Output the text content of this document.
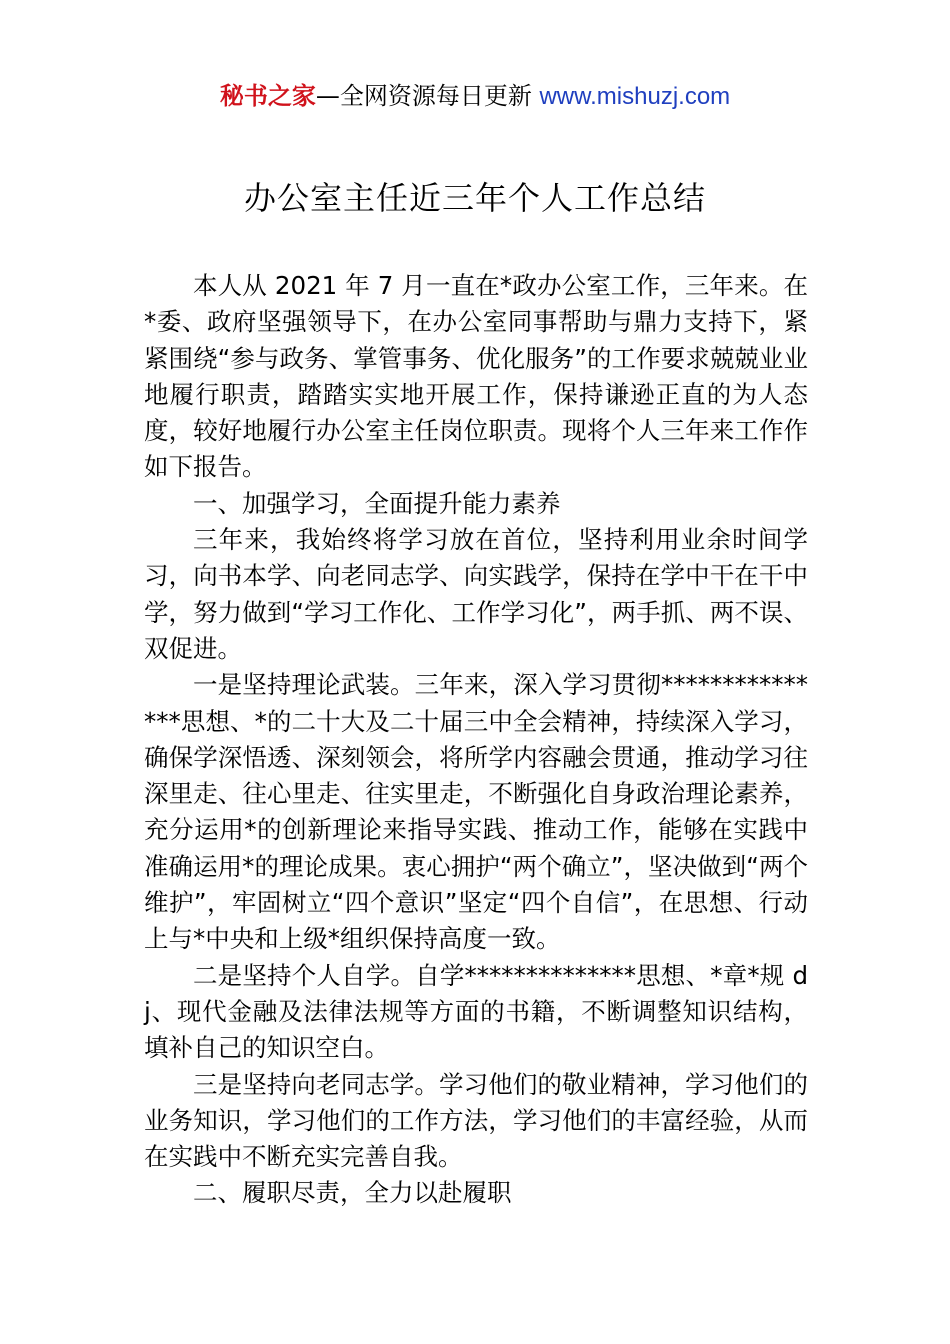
秘书之家—全网资源每日更新 www.mishuzj.com
办公室主任近三年个人工作总结

本人从 2021 年 7 月一直在*政办公室工作，三年来。在*委、政府坚强领导下，在办公室同事帮助与鼎力支持下，紧紧围绕“参与政务、掌管事务、优化服务”的工作要求兢兢业业地履行职责，踏踏实实地开展工作，保持谦逊正直的为人态度，较好地履行办公室主任岗位职责。现将个人三年来工作作如下报告。

一、加强学习，全面提升能力素养

三年来，我始终将学习放在首位，坚持利用业余时间学习，向书本学、向老同志学、向实践学，保持在学中干在干中学，努力做到“学习工作化、工作学习化”，两手抓、两不误、双促进。

一是坚持理论武装。三年来，深入学习贯彻***************思想、*的二十大及二十届三中全会精神，持续深入学习，确保学深悟透、深刻领会，将所学内容融会贯通，推动学习往深里走、往心里走、往实里走，不断强化自身政治理论素养，充分运用*的创新理论来指导实践、推动工作，能够在实践中准确运用*的理论成果。衷心拥护“两个确立”，坚决做到“两个维护”，牢固树立“四个意识”坚定“四个自信”，在思想、行动上与*中央和上级*组织保持高度一致。

二是坚持个人自学。自学**************思想、*章*规 dj、现代金融及法律法规等方面的书籍，不断调整知识结构，填补自己的知识空白。

三是坚持向老同志学。学习他们的敬业精神，学习他们的业务知识，学习他们的工作方法，学习他们的丰富经验，从而在实践中不断充实完善自我。

二、履职尽责，全力以赴履职
